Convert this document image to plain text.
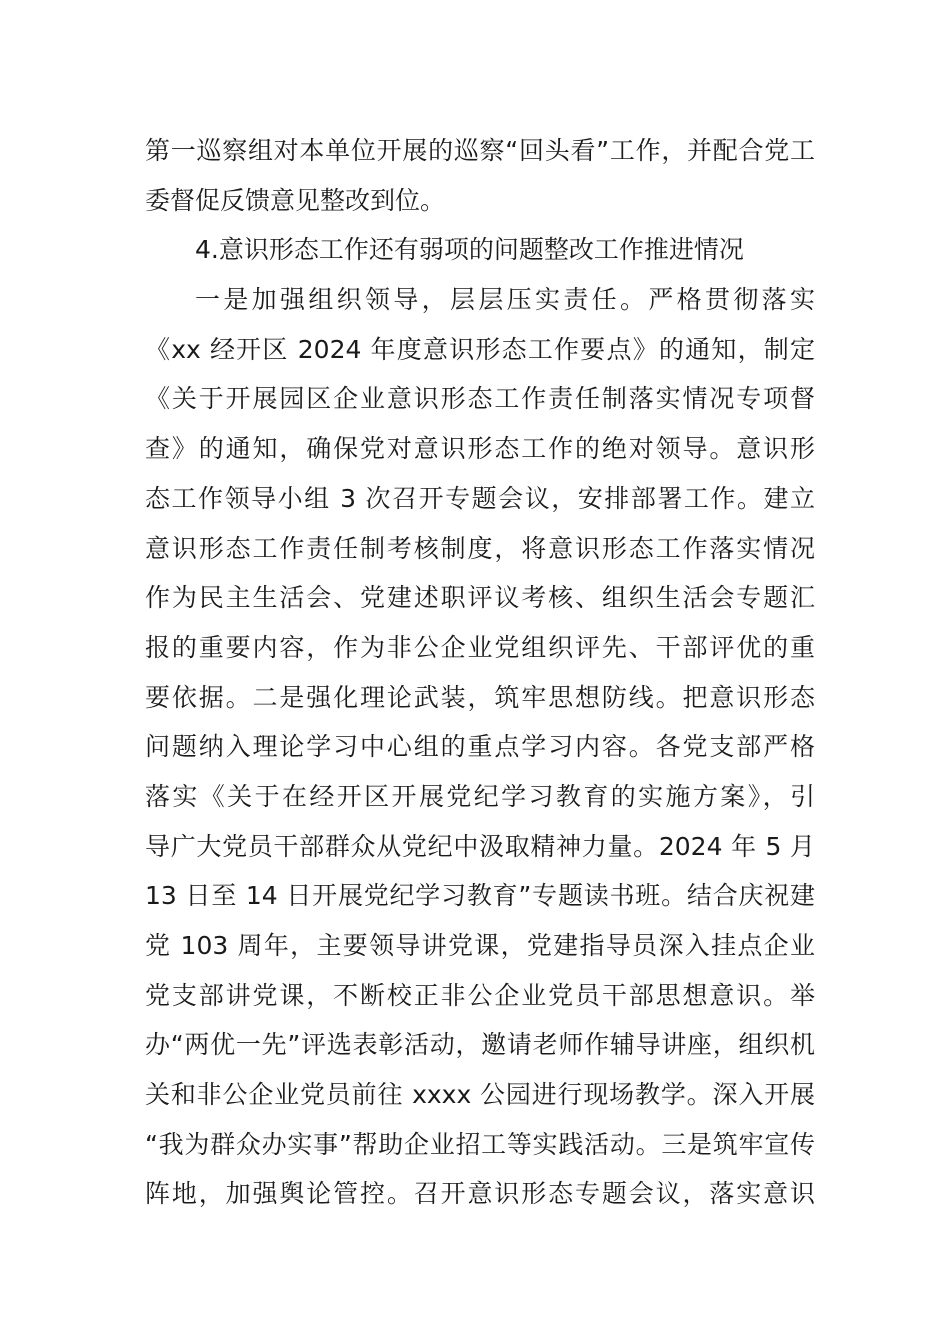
第一巡察组对本单位开展的巡察“回头看”工作，并配合党工
委督促反馈意见整改到位。
4.意识形态工作还有弱项的问题整改工作推进情况
一是加强组织领导，层层压实责任。严格贯彻落实
《xx 经开区 2024 年度意识形态工作要点》的通知，制定
《关于开展园区企业意识形态工作责任制落实情况专项督
查》的通知，确保党对意识形态工作的绝对领导。意识形
态工作领导小组 3 次召开专题会议，安排部署工作。建立
意识形态工作责任制考核制度，将意识形态工作落实情况
作为民主生活会、党建述职评议考核、组织生活会专题汇
报的重要内容，作为非公企业党组织评先、干部评优的重
要依据。二是强化理论武装，筑牢思想防线。把意识形态
问题纳入理论学习中心组的重点学习内容。各党支部严格
落实《关于在经开区开展党纪学习教育的实施方案》，引
导广大党员干部群众从党纪中汲取精神力量。2024 年 5 月
13 日至 14 日开展党纪学习教育”专题读书班。结合庆祝建
党 103 周年，主要领导讲党课，党建指导员深入挂点企业
党支部讲党课，不断校正非公企业党员干部思想意识。举
办“两优一先”评选表彰活动，邀请老师作辅导讲座，组织机
关和非公企业党员前往 xxxx 公园进行现场教学。深入开展
“我为群众办实事”帮助企业招工等实践活动。三是筑牢宣传
阵地，加强舆论管控。召开意识形态专题会议，落实意识
